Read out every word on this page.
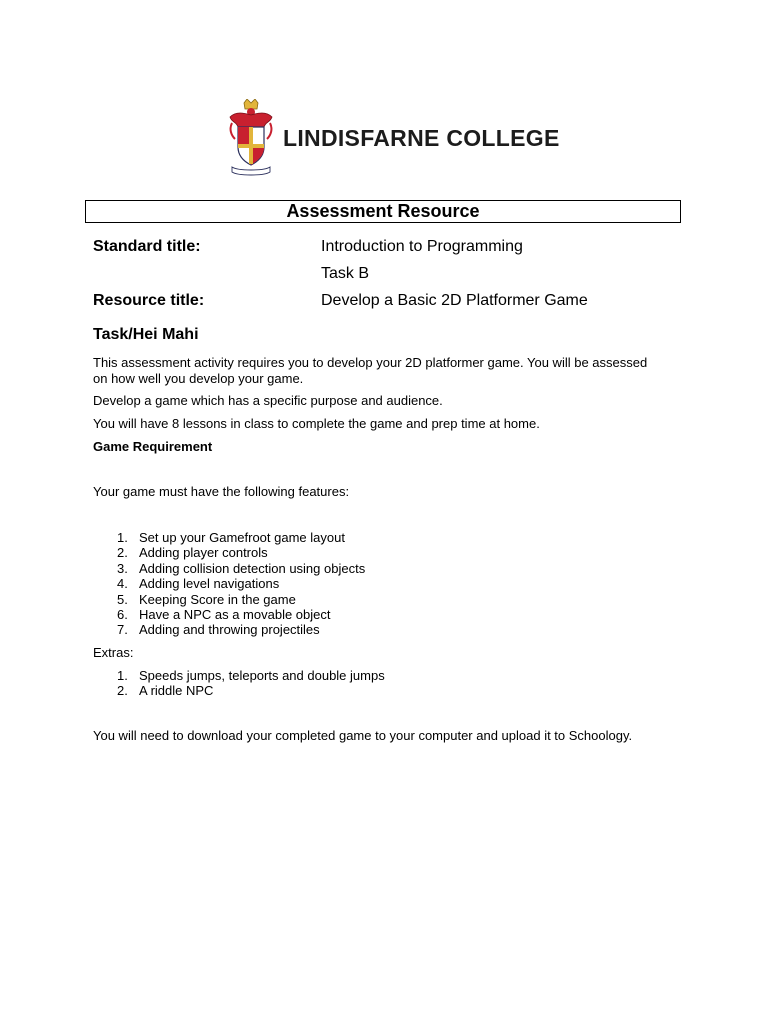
LINDISFARNE COLLEGE
Assessment Resource
Standard title:	Introduction to Programming
Task B
Resource title:	Develop a Basic 2D Platformer Game
Task/Hei Mahi
This assessment activity requires you to develop your 2D platformer game. You will be assessed on how well you develop your game.
Develop a game which has a specific purpose and audience.
You will have 8 lessons in class to complete the game and prep time at home.
Game Requirement
Your game must have the following features:
1. Set up your Gamefroot game layout
2. Adding player controls
3. Adding collision detection using objects
4. Adding level navigations
5. Keeping Score in the game
6. Have a NPC as a movable object
7. Adding and throwing projectiles
Extras:
1. Speeds jumps, teleports and double jumps
2. A riddle NPC
You will need to download your completed game to your computer and upload it to Schoology.
